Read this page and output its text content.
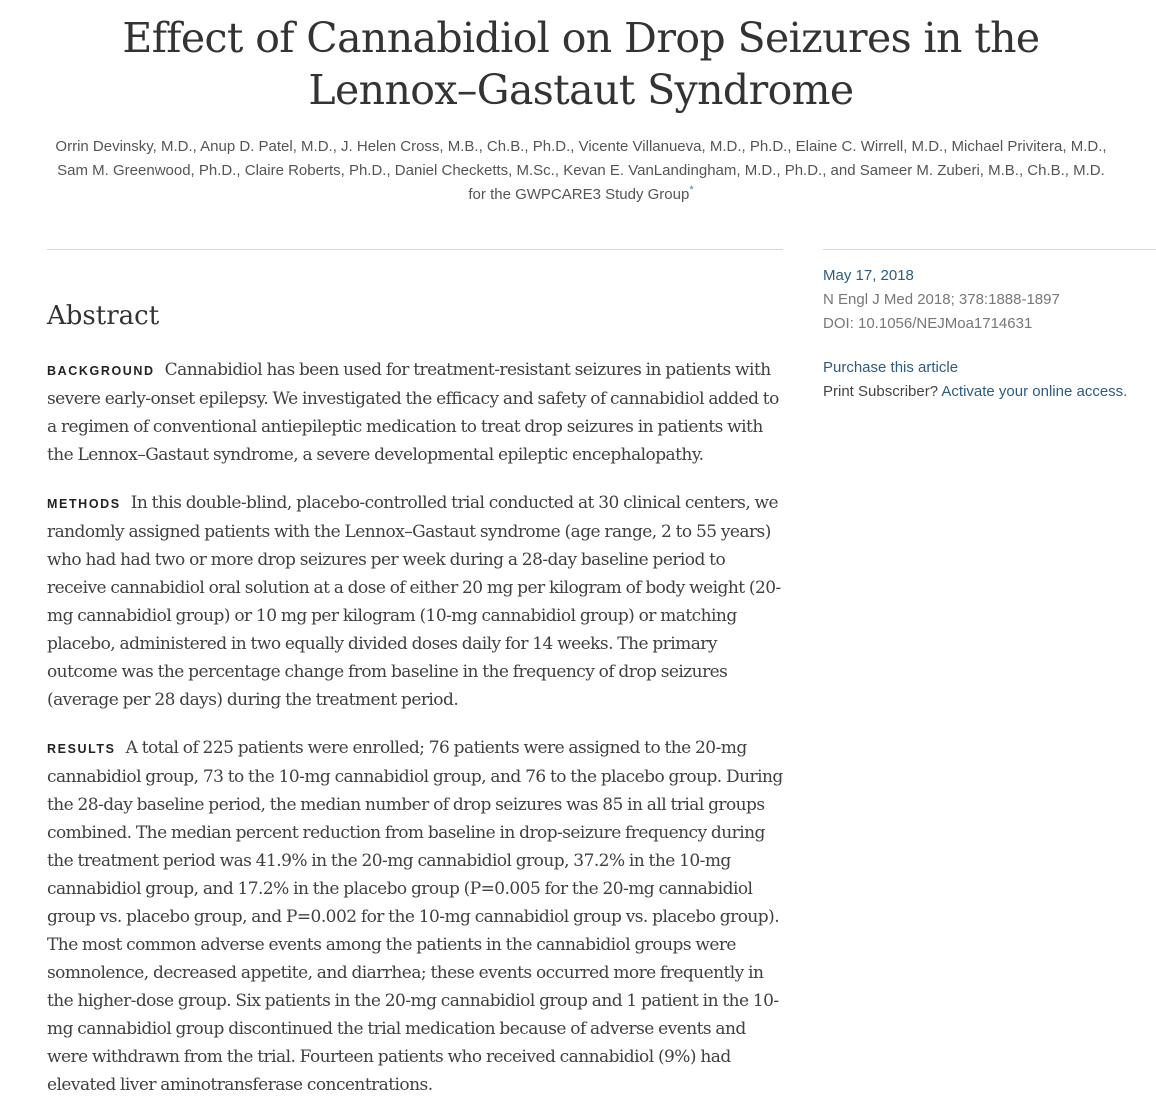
Effect of Cannabidiol on Drop Seizures in the Lennox–Gastaut Syndrome

Orrin Devinsky, M.D., Anup D. Patel, M.D., J. Helen Cross, M.B., Ch.B., Ph.D., Vicente Villanueva, M.D., Ph.D., Elaine C. Wirrell, M.D., Michael Privitera, M.D., Sam M. Greenwood, Ph.D., Claire Roberts, Ph.D., Daniel Checketts, M.Sc., Kevan E. VanLandingham, M.D., Ph.D., and Sameer M. Zuberi, M.B., Ch.B., M.D. for the GWPCARE3 Study Group*

Abstract

BACKGROUND Cannabidiol has been used for treatment-resistant seizures in patients with severe early-onset epilepsy. We investigated the efficacy and safety of cannabidiol added to a regimen of conventional antiepileptic medication to treat drop seizures in patients with the Lennox–Gastaut syndrome, a severe developmental epileptic encephalopathy.

METHODS In this double-blind, placebo-controlled trial conducted at 30 clinical centers, we randomly assigned patients with the Lennox–Gastaut syndrome (age range, 2 to 55 years) who had had two or more drop seizures per week during a 28-day baseline period to receive cannabidiol oral solution at a dose of either 20 mg per kilogram of body weight (20-mg cannabidiol group) or 10 mg per kilogram (10-mg cannabidiol group) or matching placebo, administered in two equally divided doses daily for 14 weeks. The primary outcome was the percentage change from baseline in the frequency of drop seizures (average per 28 days) during the treatment period.

RESULTS A total of 225 patients were enrolled; 76 patients were assigned to the 20-mg cannabidiol group, 73 to the 10-mg cannabidiol group, and 76 to the placebo group. During the 28-day baseline period, the median number of drop seizures was 85 in all trial groups combined. The median percent reduction from baseline in drop-seizure frequency during the treatment period was 41.9% in the 20-mg cannabidiol group, 37.2% in the 10-mg cannabidiol group, and 17.2% in the placebo group (P=0.005 for the 20-mg cannabidiol group vs. placebo group, and P=0.002 for the 10-mg cannabidiol group vs. placebo group). The most common adverse events among the patients in the cannabidiol groups were somnolence, decreased appetite, and diarrhea; these events occurred more frequently in the higher-dose group. Six patients in the 20-mg cannabidiol group and 1 patient in the 10-mg cannabidiol group discontinued the trial medication because of adverse events and were withdrawn from the trial. Fourteen patients who received cannabidiol (9%) had elevated liver aminotransferase concentrations.

May 17, 2018
N Engl J Med 2018; 378:1888-1897
DOI: 10.1056/NEJMoa1714631
Purchase this article
Print Subscriber? Activate your online access.
